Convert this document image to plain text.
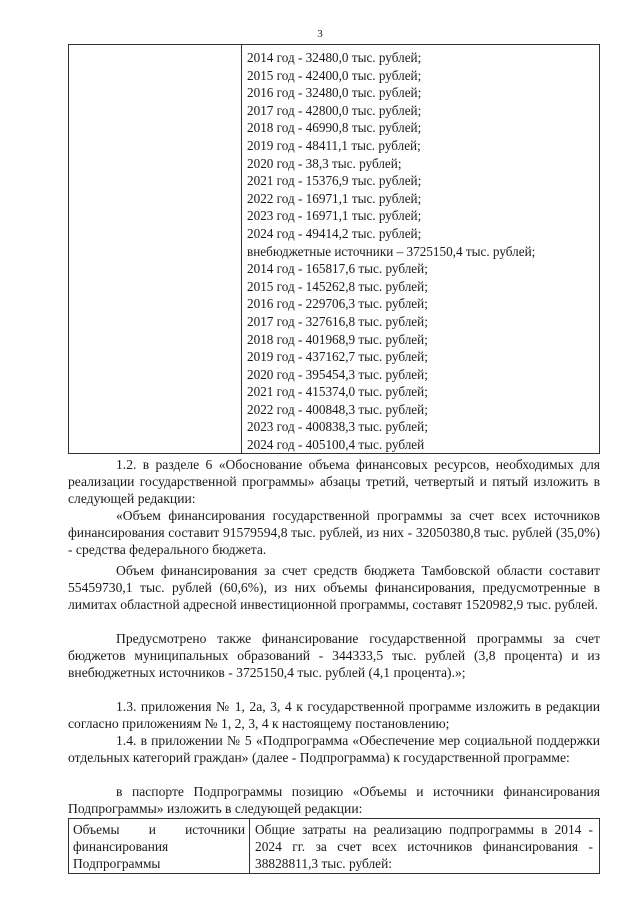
3
2014 год - 32480,0 тыс. рублей;
2015 год - 42400,0 тыс. рублей;
2016 год - 32480,0 тыс. рублей;
2017 год - 42800,0 тыс. рублей;
2018 год - 46990,8 тыс. рублей;
2019 год - 48411,1 тыс. рублей;
2020 год - 38,3 тыс. рублей;
2021 год - 15376,9 тыс. рублей;
2022 год - 16971,1 тыс. рублей;
2023 год - 16971,1 тыс. рублей;
2024 год - 49414,2 тыс. рублей;
внебюджетные источники – 3725150,4 тыс. рублей;
2014 год - 165817,6 тыс. рублей;
2015 год - 145262,8 тыс. рублей;
2016 год - 229706,3 тыс. рублей;
2017 год - 327616,8 тыс. рублей;
2018 год - 401968,9 тыс. рублей;
2019 год - 437162,7 тыс. рублей;
2020 год - 395454,3 тыс. рублей;
2021 год - 415374,0 тыс. рублей;
2022 год - 400848,3 тыс. рублей;
2023 год - 400838,3 тыс. рублей;
2024 год - 405100,4 тыс. рублей
1.2. в разделе 6 «Обоснование объема финансовых ресурсов, необходимых для реализации государственной программы» абзацы третий, четвертый и пятый изложить в следующей редакции:
«Объем финансирования государственной программы за счет всех источников финансирования составит 91579594,8 тыс. рублей, из них - 32050380,8 тыс. рублей (35,0%) - средства федерального бюджета.
Объем финансирования за счет средств бюджета Тамбовской области составит 55459730,1 тыс. рублей (60,6%), из них объемы финансирования, предусмотренные в лимитах областной адресной инвестиционной программы, составят 1520982,9 тыс. рублей.
Предусмотрено также финансирование государственной программы за счет бюджетов муниципальных образований - 344333,5 тыс. рублей (3,8 процента) и из внебюджетных источников - 3725150,4 тыс. рублей (4,1 процента).»;
1.3. приложения № 1, 2а, 3, 4 к государственной программе изложить в редакции согласно приложениям № 1, 2, 3, 4 к настоящему постановлению;
1.4. в приложении № 5 «Подпрограмма «Обеспечение мер социальной поддержки отдельных категорий граждан» (далее - Подпрограмма) к государственной программе:
в паспорте Подпрограммы позицию «Объемы и источники финансирования Подпрограммы» изложить в следующей редакции:
Объемы и источники
финансирования
Подпрограммы
Общие затраты на реализацию подпрограммы в 2014 - 2024 гг. за счет всех источников финансирования - 38828811,3 тыс. рублей:
